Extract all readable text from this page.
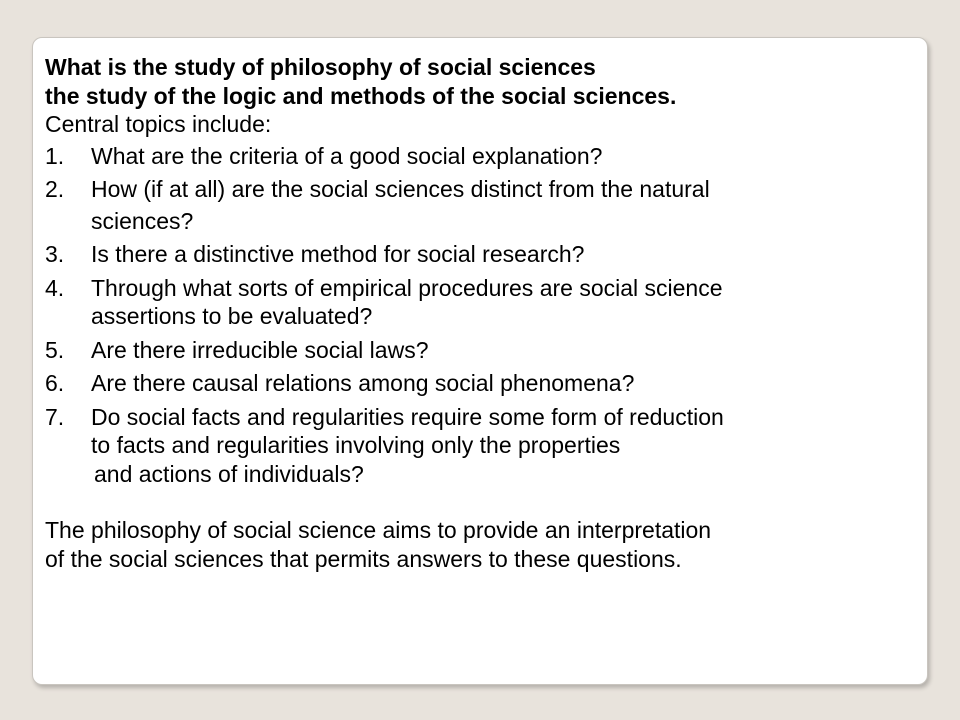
What is the study of philosophy of social sciences
the study of the logic and methods of the social sciences.
Central topics include:
1.	What are the criteria of a good social explanation?
2.	How (if at all) are the social sciences distinct from the natural
sciences?
3.	Is there a distinctive method for social research?
4.	Through what sorts of empirical procedures are social science
assertions to be evaluated?
5.	Are there irreducible social laws?
6.	Are there causal relations among social phenomena?
7.	Do social facts and regularities require some form of reduction
to facts and regularities involving only the properties
and actions of individuals?
The philosophy of social science aims to provide an interpretation
of the social sciences that permits answers to these questions.
